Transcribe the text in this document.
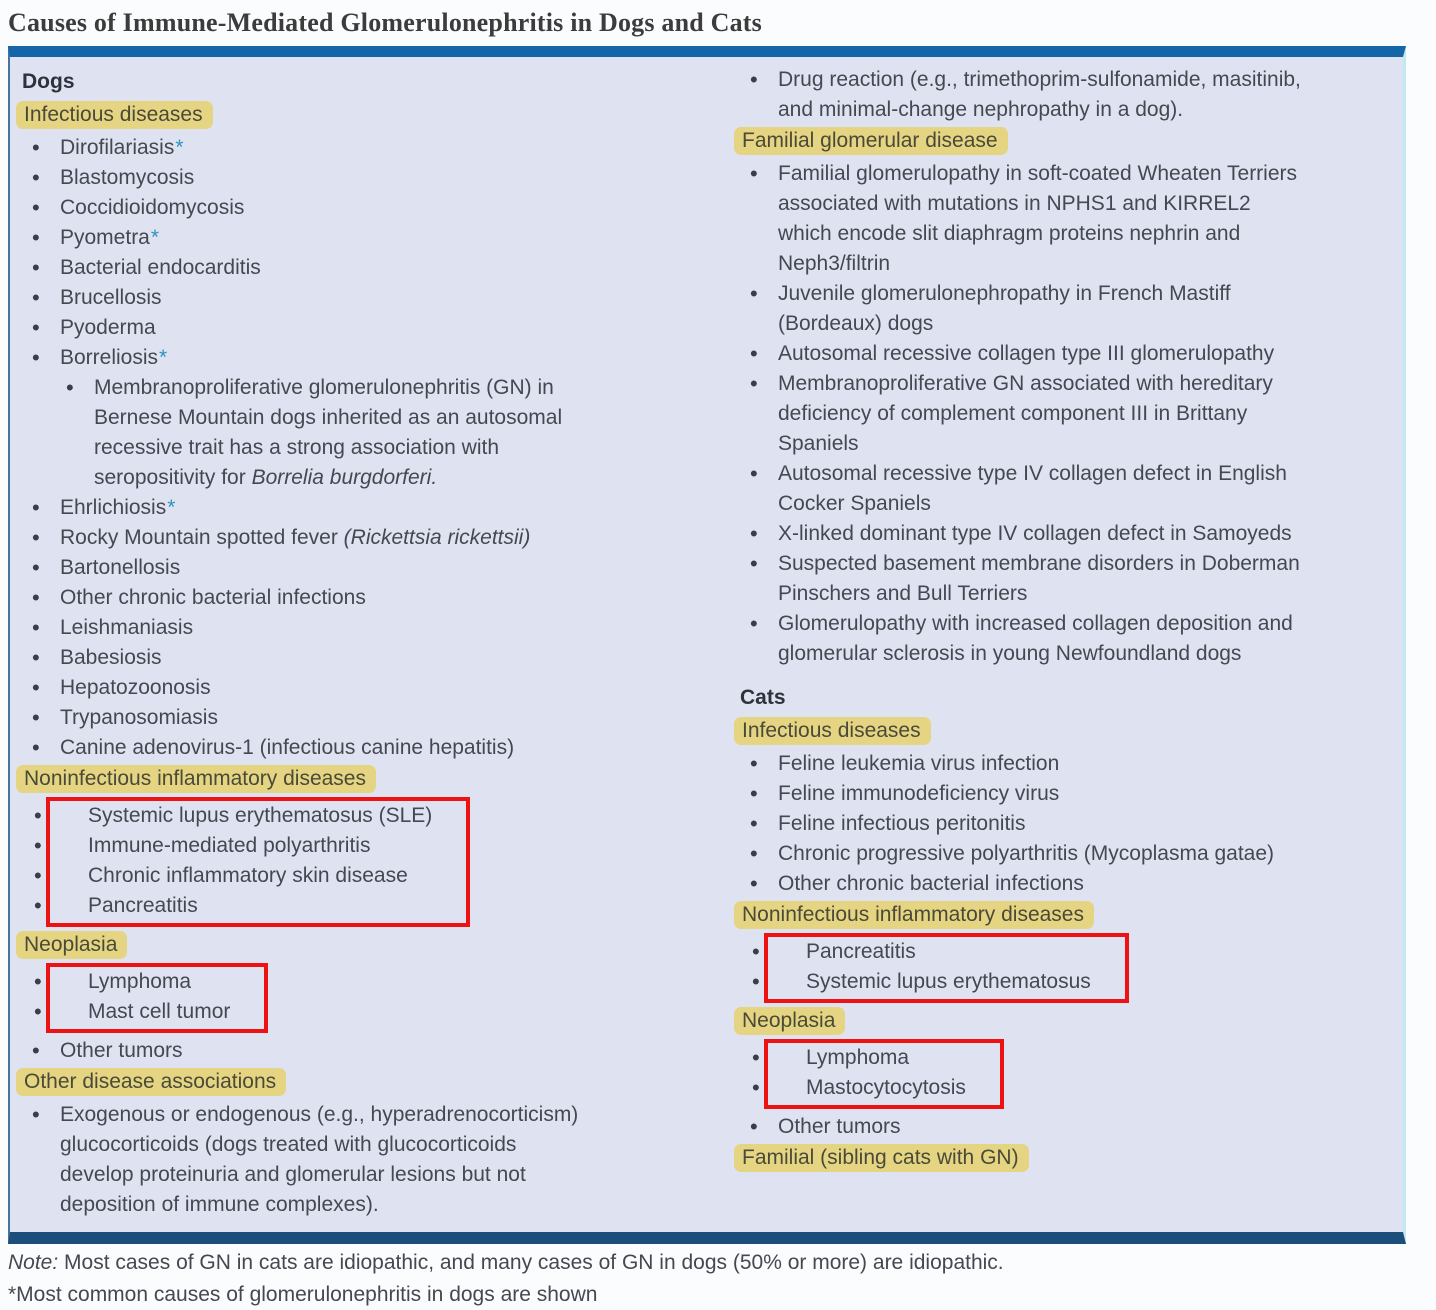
Causes of Immune-Mediated Glomerulonephritis in Dogs and Cats
Dogs
Infectious diseases
•
Dirofilariasis*
•
Blastomycosis
•
Coccidioidomycosis
•
Pyometra*
•
Bacterial endocarditis
•
Brucellosis
•
Pyoderma
•
Borreliosis*
•
Membranoproliferative glomerulonephritis (GN) in
Bernese Mountain dogs inherited as an autosomal
recessive trait has a strong association with
seropositivity for Borrelia burgdorferi.
•
Ehrlichiosis*
•
Rocky Mountain spotted fever (Rickettsia rickettsii)
•
Bartonellosis
•
Other chronic bacterial infections
•
Leishmaniasis
•
Babesiosis
•
Hepatozoonosis
•
Trypanosomiasis
•
Canine adenovirus-1 (infectious canine hepatitis)
Noninfectious inflammatory diseases
•
Systemic lupus erythematosus (SLE)
•
Immune-mediated polyarthritis
•
Chronic inflammatory skin disease
•
Pancreatitis
Neoplasia
•
Lymphoma
•
Mast cell tumor
•
Other tumors
Other disease associations
•
Exogenous or endogenous (e.g., hyperadrenocorticism)
glucocorticoids (dogs treated with glucocorticoids
develop proteinuria and glomerular lesions but not
deposition of immune complexes).
•
Drug reaction (e.g., trimethoprim-sulfonamide, masitinib,
and minimal-change nephropathy in a dog).
Familial glomerular disease
•
Familial glomerulopathy in soft-coated Wheaten Terriers
associated with mutations in NPHS1 and KIRREL2
which encode slit diaphragm proteins nephrin and
Neph3/filtrin
•
Juvenile glomerulonephropathy in French Mastiff
(Bordeaux) dogs
•
Autosomal recessive collagen type III glomerulopathy
•
Membranoproliferative GN associated with hereditary
deficiency of complement component III in Brittany
Spaniels
•
Autosomal recessive type IV collagen defect in English
Cocker Spaniels
•
X-linked dominant type IV collagen defect in Samoyeds
•
Suspected basement membrane disorders in Doberman
Pinschers and Bull Terriers
•
Glomerulopathy with increased collagen deposition and
glomerular sclerosis in young Newfoundland dogs
Cats
Infectious diseases
•
Feline leukemia virus infection
•
Feline immunodeficiency virus
•
Feline infectious peritonitis
•
Chronic progressive polyarthritis (Mycoplasma gatae)
•
Other chronic bacterial infections
Noninfectious inflammatory diseases
•
Pancreatitis
•
Systemic lupus erythematosus
Neoplasia
•
Lymphoma
•
Mastocytocytosis
•
Other tumors
Familial (sibling cats with GN)
Note: Most cases of GN in cats are idiopathic, and many cases of GN in dogs (50% or more) are idiopathic.
*Most common causes of glomerulonephritis in dogs are shown
